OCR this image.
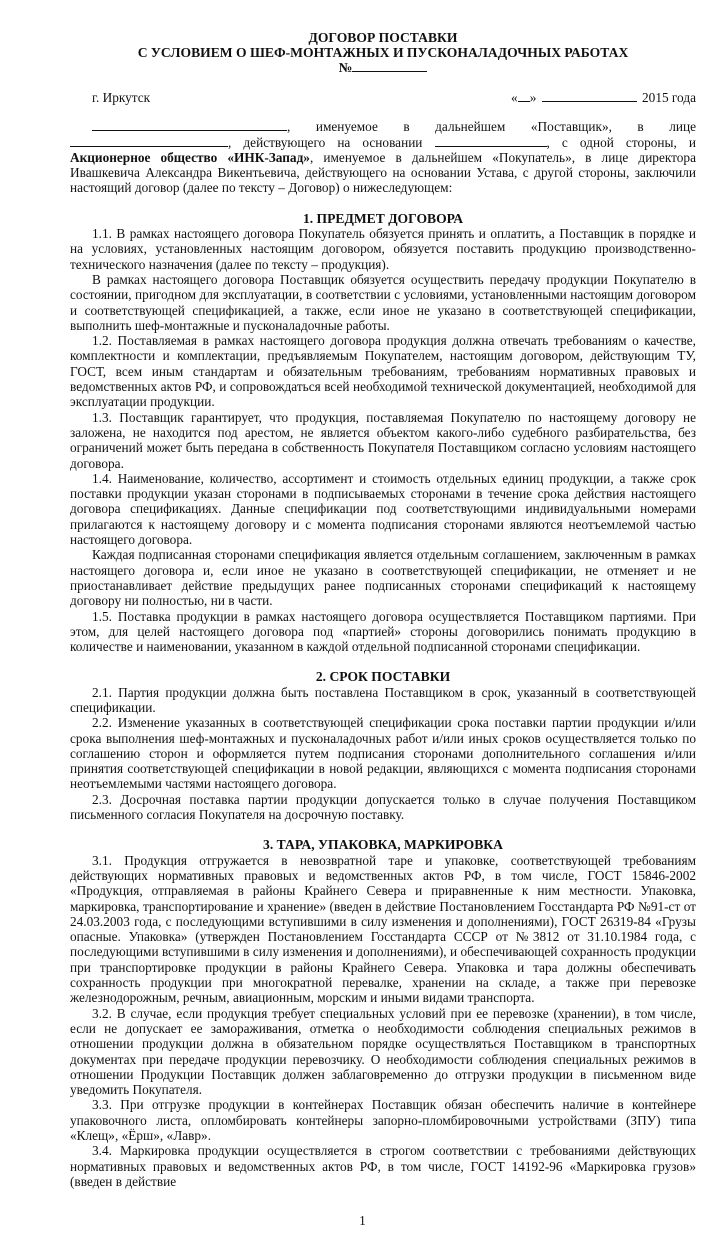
ДОГОВОР ПОСТАВКИ
С УСЛОВИЕМ О ШЕФ-МОНТАЖНЫХ И ПУСКОНАЛАДОЧНЫХ РАБОТАХ
№
г. Иркутск	« »	2015 года

, именуемое в дальнейшем «Поставщик», в лице , действующего на основании	, с одной стороны, и Акционерное общество «ИНК-Запад», именуемое в дальнейшем «Покупатель», в лице директора Ивашкевича Александра Викентьевича, действующего на основании Устава, с другой стороны, заключили настоящий договор (далее по тексту – Договор) о нижеследующем:

1. ПРЕДМЕТ ДОГОВОРА

1.1. В рамках настоящего договора Покупатель обязуется принять и оплатить, а Поставщик в порядке и на условиях, установленных настоящим договором, обязуется поставить продукцию производственно-технического назначения (далее по тексту – продукция).

В рамках настоящего договора Поставщик обязуется осуществить передачу продукции Покупателю в состоянии, пригодном для эксплуатации, в соответствии с условиями, установленными настоящим договором и соответствующей спецификацией, а также, если иное не указано в соответствующей спецификации, выполнить шеф-монтажные и пусконаладочные работы.

1.2. Поставляемая в рамках настоящего договора продукция должна отвечать требованиям о качестве, комплектности и комплектации, предъявляемым Покупателем, настоящим договором, действующим ТУ, ГОСТ, всем иным стандартам и обязательным требованиям, требованиям нормативных правовых и ведомственных актов РФ, и сопровождаться всей необходимой технической документацией, необходимой для эксплуатации продукции.

1.3. Поставщик гарантирует, что продукция, поставляемая Покупателю по настоящему договору не заложена, не находится под арестом, не является объектом какого-либо судебного разбирательства, без ограничений может быть передана в собственность Покупателя Поставщиком согласно условиям настоящего договора.

1.4. Наименование, количество, ассортимент и стоимость отдельных единиц продукции, а также срок поставки продукции указан сторонами в подписываемых сторонами в течение срока действия настоящего договора спецификациях. Данные спецификации под соответствующими индивидуальными номерами прилагаются к настоящему договору и с момента подписания сторонами являются неотъемлемой частью настоящего договора.

Каждая подписанная сторонами спецификация является отдельным соглашением, заключенным в рамках настоящего договора и, если иное не указано в соответствующей спецификации, не отменяет и не приостанавливает действие предыдущих ранее подписанных сторонами спецификаций к настоящему договору ни полностью, ни в части.

1.5. Поставка продукции в рамках настоящего договора осуществляется Поставщиком партиями. При этом, для целей настоящего договора под «партией» стороны договорились понимать продукцию в количестве и наименовании, указанном в каждой отдельной подписанной сторонами спецификации.

2. СРОК ПОСТАВКИ

2.1. Партия продукции должна быть поставлена Поставщиком в срок, указанный в соответствующей спецификации.

2.2. Изменение указанных в соответствующей спецификации срока поставки партии продукции и/или срока выполнения шеф-монтажных и пусконаладочных работ и/или иных сроков осуществляется только по соглашению сторон и оформляется путем подписания сторонами дополнительного соглашения и/или принятия соответствующей спецификации в новой редакции, являющихся с момента подписания сторонами неотъемлемыми частями настоящего договора.

2.3. Досрочная поставка партии продукции допускается только в случае получения Поставщиком письменного согласия Покупателя на досрочную поставку.

3. ТАРА, УПАКОВКА, МАРКИРОВКА

3.1. Продукция отгружается в невозвратной таре и упаковке, соответствующей требованиям действующих нормативных правовых и ведомственных актов РФ, в том числе, ГОСТ 15846-2002 «Продукция, отправляемая в районы Крайнего Севера и приравненные к ним местности. Упаковка, маркировка, транспортирование и хранение» (введен в действие Постановлением Госстандарта РФ №91-ст от 24.03.2003 года, с последующими вступившими в силу изменения и дополнениями), ГОСТ 26319-84 «Грузы опасные. Упаковка» (утвержден Постановлением Госстандарта СССР от №3812 от 31.10.1984 года, с последующими вступившими в силу изменения и дополнениями), и обеспечивающей сохранность продукции при транспортировке продукции в районы Крайнего Севера. Упаковка и тара должны обеспечивать сохранность продукции при многократной перевалке, хранении на складе, а также при перевозке железнодорожным, речным, авиационным, морским и иными видами транспорта.

3.2. В случае, если продукция требует специальных условий при ее перевозке (хранении), в том числе, если не допускает ее замораживания, отметка о необходимости соблюдения специальных режимов в отношении продукции должна в обязательном порядке осуществляться Поставщиком в транспортных документах при передаче продукции перевозчику. О необходимости соблюдения специальных режимов в отношении Продукции Поставщик должен заблаговременно до отгрузки продукции в письменном виде уведомить Покупателя.

3.3. При отгрузке продукции в контейнерах Поставщик обязан обеспечить наличие в контейнере упаковочного листа, опломбировать контейнеры запорно-пломбировочными устройствами (ЗПУ) типа «Клещ», «Ёрш», «Лавр».

3.4. Маркировка продукции осуществляется в строгом соответствии с требованиями действующих нормативных правовых и ведомственных актов РФ, в том числе, ГОСТ 14192-96 «Маркировка грузов» (введен в действие

1
